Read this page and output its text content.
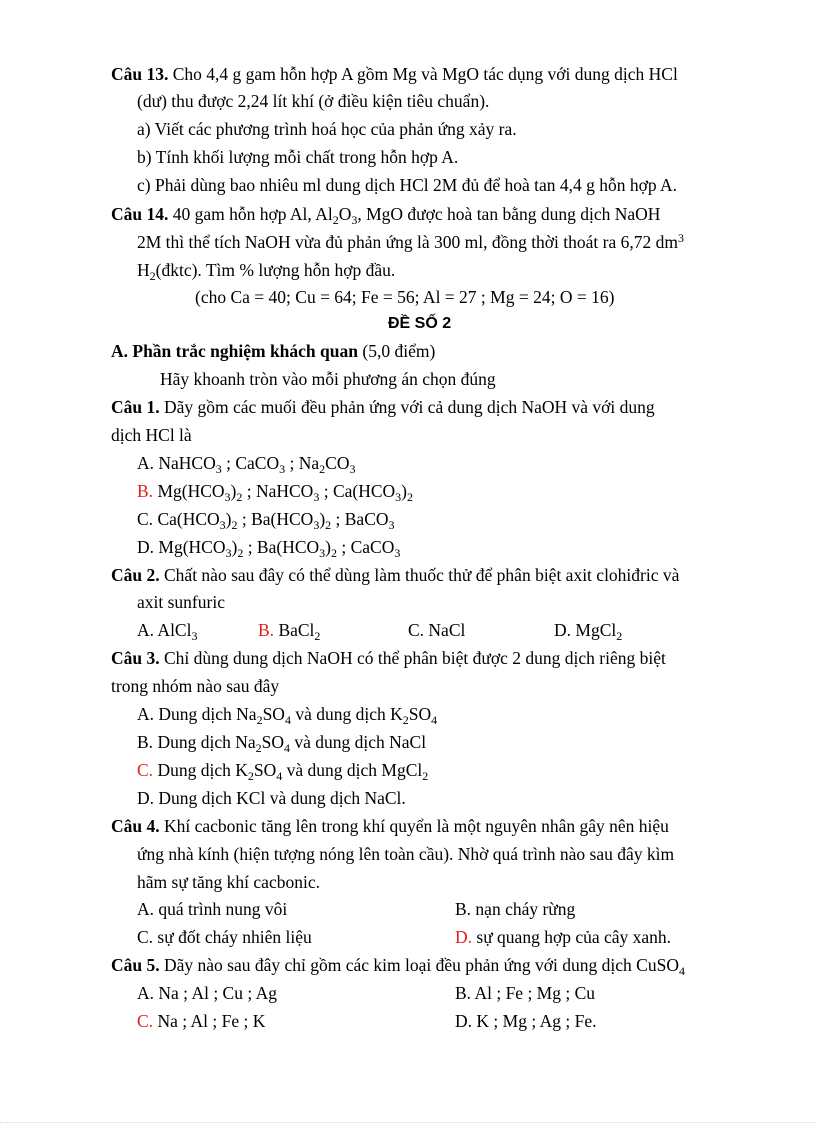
Câu 13. Cho 4,4 g gam hỗn hợp A gồm Mg và MgO tác dụng với dung dịch HCl
(dư) thu được 2,24 lít khí (ở điều kiện tiêu chuẩn).
a) Viết các phương trình hoá học của phản ứng xảy ra.
b) Tính khối lượng mỗi chất trong hỗn hợp A.
c) Phải dùng bao nhiêu ml dung dịch HCl 2M đủ để hoà tan 4,4 g hỗn hợp A.
Câu 14. 40 gam hỗn hợp Al, $Al_2O_3$, MgO được hoà tan bằng dung dịch NaOH
2M thì thể tích NaOH vừa đủ phản ứng là 300 ml, đồng thời thoát ra 6,72 $dm^3$
$H_2(đktc)$. Tìm % lượng hỗn hợp đầu.
(cho Ca = 40; Cu = 64; Fe = 56; Al = 27 ; Mg = 24; O = 16)
ĐỀ SỐ 2
A. Phần trắc nghiệm khách quan (5,0 điểm)
Hãy khoanh tròn vào mỗi phương án chọn đúng
Câu 1. Dãy gồm các muối đều phản ứng với cả dung dịch NaOH và với dung
dịch HCl là
A. NaHCO$_3$ ; CaCO$_3$ ; $Na_2CO_3$
B. $Mg(HCO_3)_2$ ; NaHCO$_3$ ; $Ca(HCO_3)_2$
C. $Ca(HCO_3)_2$ ; $Ba(HCO_3)_2$ ; BaCO$_3$
D. $Mg(HCO_3)_2$ ; $Ba(HCO_3)_2$ ; CaCO$_3$
Câu 2. Chất nào sau đây có thể dùng làm thuốc thử để phân biệt axit clohiđric và
axit sunfuric
A. AlCl$_3$	B. BaCl$_2$	C. NaCl	D. MgCl$_2$
Câu 3. Chỉ dùng dung dịch NaOH có thể phân biệt được 2 dung dịch riêng biệt
trong nhóm nào sau đây
A. Dung dịch $Na_2SO_4$ và dung dịch $K_2SO_4$
B. Dung dịch $Na_2SO_4$ và dung dịch NaCl
C. Dung dịch $K_2SO_4$ và dung dịch MgCl$_2$
D. Dung dịch KCl và dung dịch NaCl.
Câu 4. Khí cacbonic tăng lên trong khí quyển là một nguyên nhân gây nên hiệu
ứng nhà kính (hiện tượng nóng lên toàn cầu). Nhờ quá trình nào sau đây kìm
hãm sự tăng khí cacbonic.
A. quá trình nung vôi	B. nạn cháy rừng
C. sự đốt cháy nhiên liệu	D. sự quang hợp của cây xanh.
Câu 5. Dãy nào sau đây chỉ gồm các kim loại đều phản ứng với dung dịch CuSO$_4$
A. Na ; Al ; Cu ; Ag	B. Al ; Fe ; Mg ; Cu
C. Na ; Al ; Fe ; K	D. K ; Mg ; Ag ; Fe.
